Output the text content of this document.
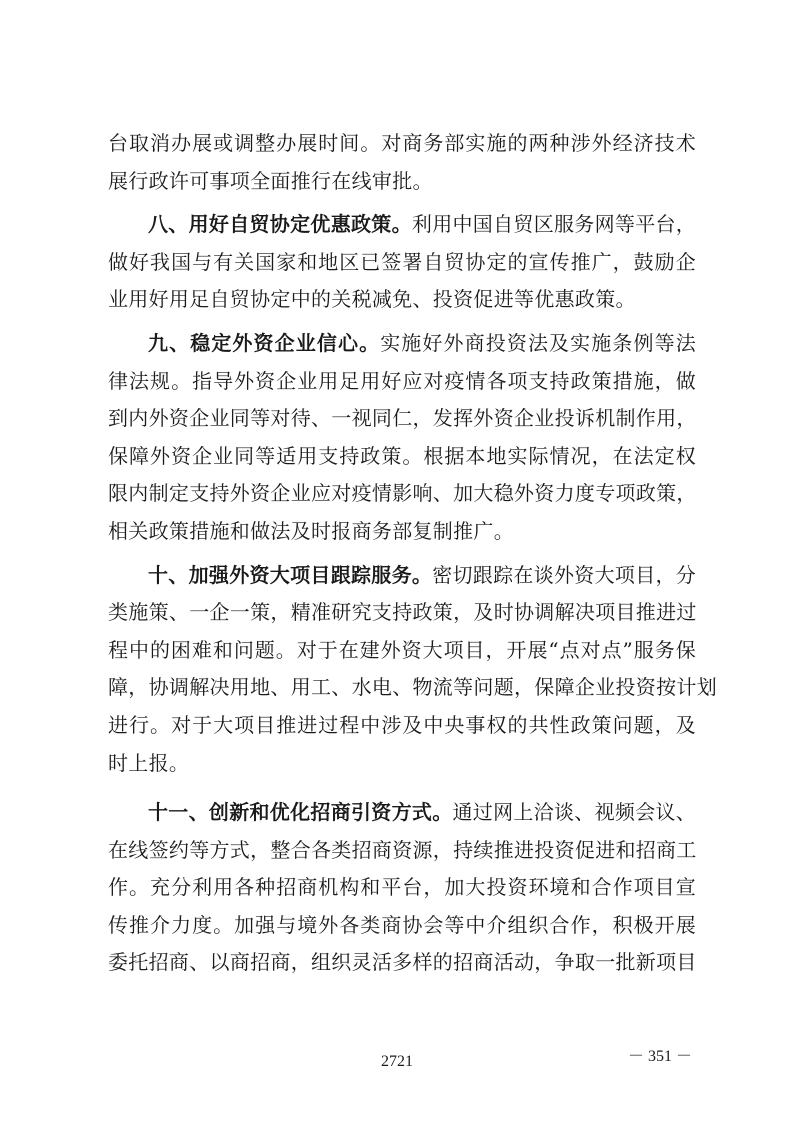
台取消办展或调整办展时间。对商务部实施的两种涉外经济技术
展行政许可事项全面推行在线审批。
八、用好自贸协定优惠政策。利用中国自贸区服务网等平台，
做好我国与有关国家和地区已签署自贸协定的宣传推广，鼓励企
业用好用足自贸协定中的关税减免、投资促进等优惠政策。
九、稳定外资企业信心。实施好外商投资法及实施条例等法
律法规。指导外资企业用足用好应对疫情各项支持政策措施，做
到内外资企业同等对待、一视同仁，发挥外资企业投诉机制作用，
保障外资企业同等适用支持政策。根据本地实际情况，在法定权
限内制定支持外资企业应对疫情影响、加大稳外资力度专项政策，
相关政策措施和做法及时报商务部复制推广。
十、加强外资大项目跟踪服务。密切跟踪在谈外资大项目，分
类施策、一企一策，精准研究支持政策，及时协调解决项目推进过
程中的困难和问题。对于在建外资大项目，开展“点对点”服务保
障，协调解决用地、用工、水电、物流等问题，保障企业投资按计划
进行。对于大项目推进过程中涉及中央事权的共性政策问题，及
时上报。
十一、创新和优化招商引资方式。通过网上洽谈、视频会议、
在线签约等方式，整合各类招商资源，持续推进投资促进和招商工
作。充分利用各种招商机构和平台，加大投资环境和合作项目宣
传推介力度。加强与境外各类商协会等中介组织合作，积极开展
委托招商、以商招商，组织灵活多样的招商活动，争取一批新项目
－ 351 －
2721
